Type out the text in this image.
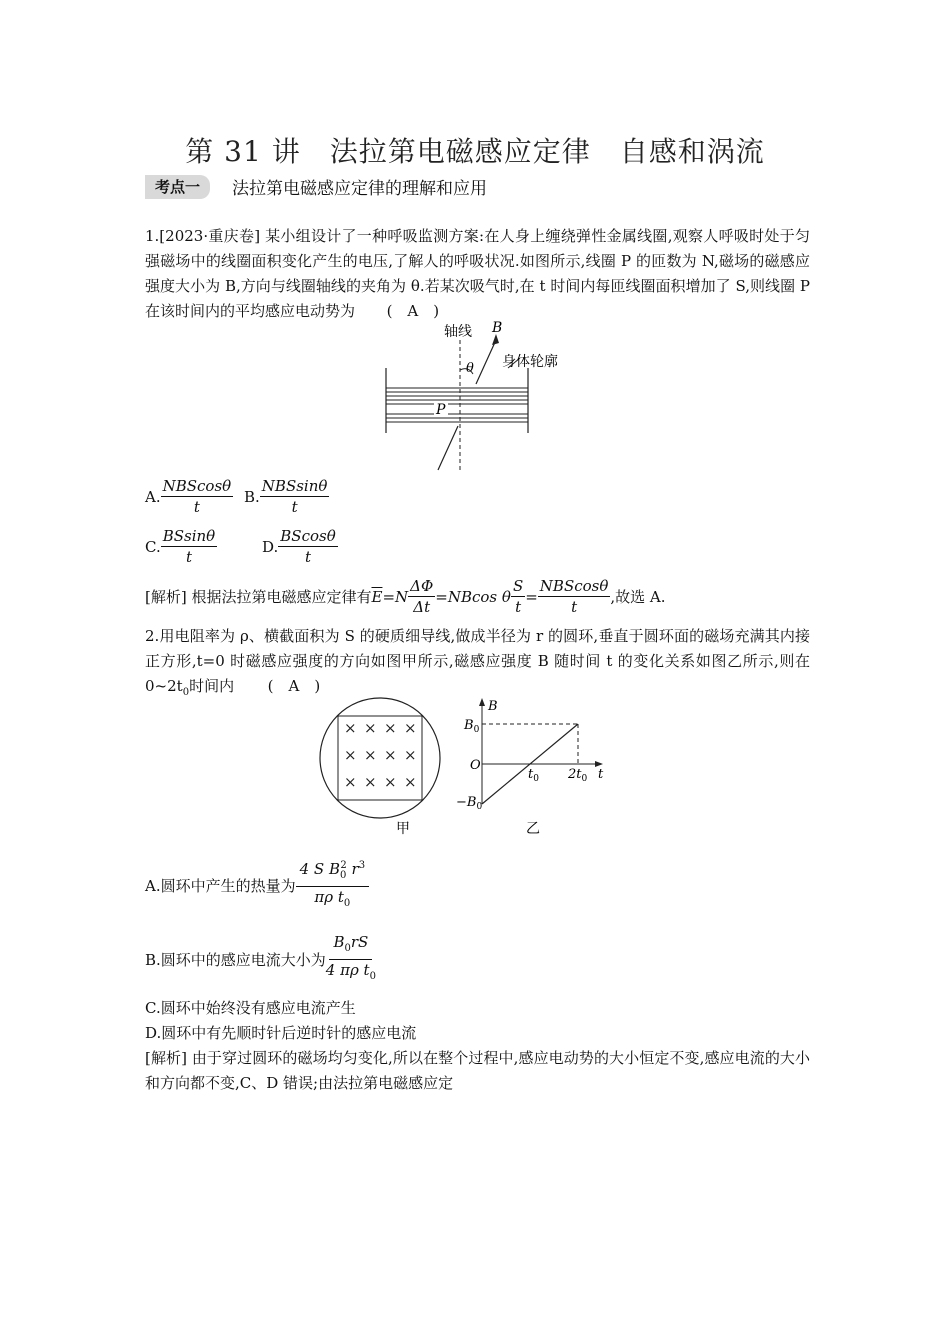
第 31 讲　法拉第电磁感应定律　自感和涡流
考点一	法拉第电磁感应定律的理解和应用
1.[2023·重庆卷] 某小组设计了一种呼吸监测方案:在人身上缠绕弹性金属线圈,观察人呼吸时处于匀强磁场中的线圈面积变化产生的电压,了解人的呼吸状况.如图所示,线圈 P 的匝数为 N,磁场的磁感应强度大小为 B,方向与线圈轴线的夹角为 θ.若某次吸气时,在 t 时间内每匝线圈面积增加了 S,则线圈 P 在该时间内的平均感应电动势为 (　A　)
轴线 B
θ 身体轮廓
P
A. $\frac{\text{NBScosθ}}{t} B$. $\frac{\text{NBSsinθ}}{t}$
C. $\frac{BSsin\theta}{t}$	D. $\frac{BScos\theta}{t}$
[解析] 根据法拉第电磁感应定律有 $\overline{E} =N \frac{\Delta\Phi}{\Delta t} =NBcos$ θ $\frac{S}{t} = \frac{\text{NBScosθ}}{t}$ ,故选 A.
2.用电阻率为 ρ、横截面积为 S 的硬质细导线,做成半径为 r 的圆环,垂直于圆环面的磁场充满其内接正方形,t=0 时磁感应强度的方向如图甲所示,磁感应强度 B 随时间 t 的变化关系如图乙所示,则在 $0\sim 2t_0$时间内 (　A　)
× × × ×
× × × ×
× × × ×
甲
B
t
O
$B_0$
$-B_0$
$t_0$ $2t_0$
乙
A.圆环中产生的热量为 $\frac{4 S B_0^2 r^3}{\pi\rho t_0}$
B.圆环中的感应电流大小为 $\frac{B_0rS}{4 \pi\rho t_0}$
C.圆环中始终没有感应电流产生
D.圆环中有先顺时针后逆时针的感应电流
[解析] 由于穿过圆环的磁场均匀变化,所以在整个过程中,感应电动势的大小恒定不变,感应电流的大小和方向都不变,C、D 错误;由法拉第电磁感应定
